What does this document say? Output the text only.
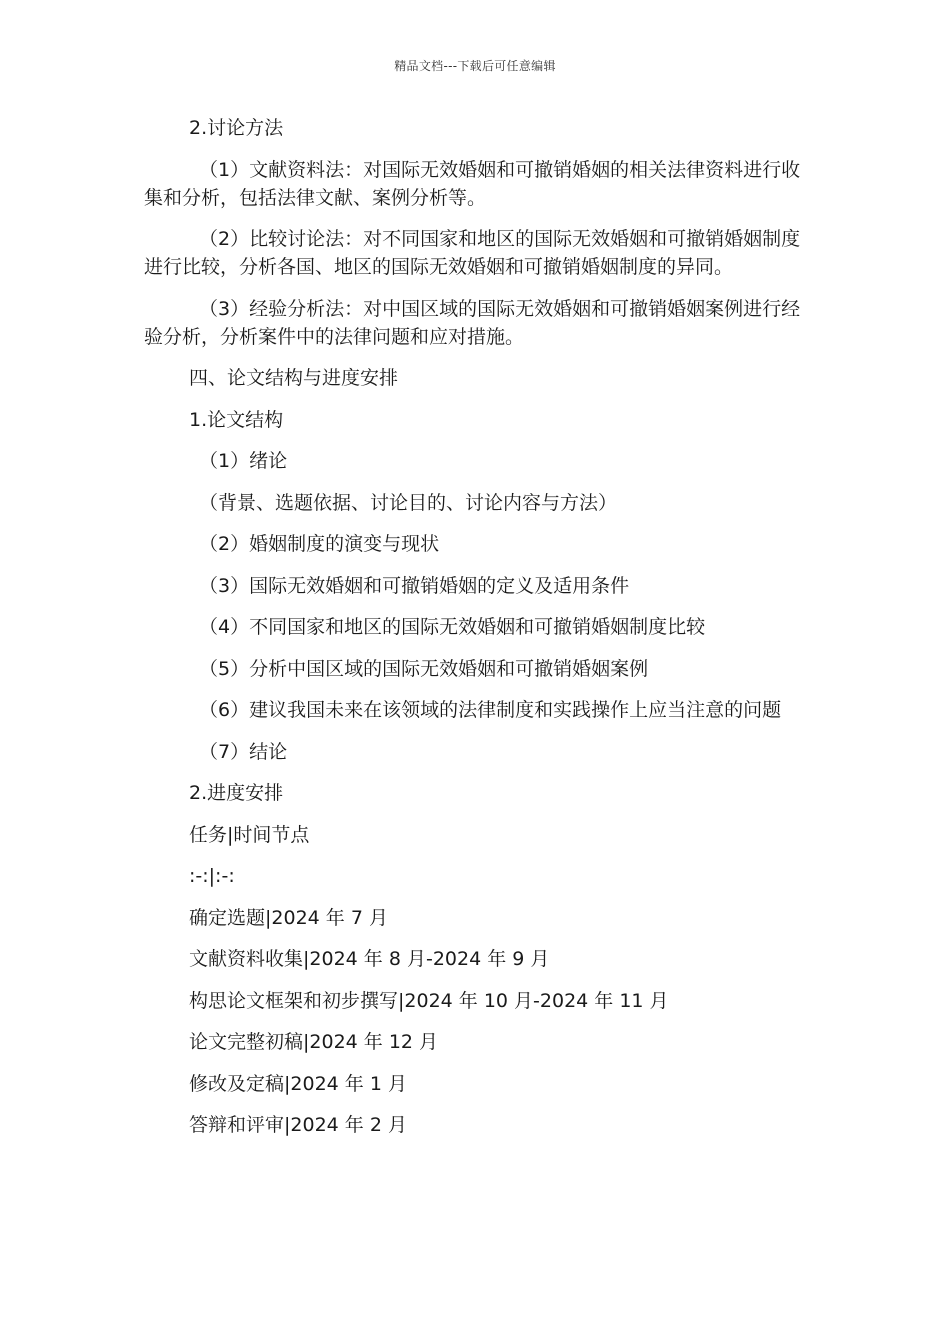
精品文档---下载后可任意编辑

2.讨论方法

（1）文献资料法：对国际无效婚姻和可撤销婚姻的相关法律资料进行收集和分析，包括法律文献、案例分析等。

（2）比较讨论法：对不同国家和地区的国际无效婚姻和可撤销婚姻制度进行比较，分析各国、地区的国际无效婚姻和可撤销婚姻制度的异同。

（3）经验分析法：对中国区域的国际无效婚姻和可撤销婚姻案例进行经验分析，分析案件中的法律问题和应对措施。

四、论文结构与进度安排

1.论文结构

（1）绪论

（背景、选题依据、讨论目的、讨论内容与方法）

（2）婚姻制度的演变与现状

（3）国际无效婚姻和可撤销婚姻的定义及适用条件

（4）不同国家和地区的国际无效婚姻和可撤销婚姻制度比较

（5）分析中国区域的国际无效婚姻和可撤销婚姻案例

（6）建议我国未来在该领域的法律制度和实践操作上应当注意的问题

（7）结论

2.进度安排

任务|时间节点

:-:|:-:

确定选题|2024 年 7 月

文献资料收集|2024 年 8 月-2024 年 9 月

构思论文框架和初步撰写|2024 年 10 月-2024 年 11 月

论文完整初稿|2024 年 12 月

修改及定稿|2024 年 1 月

答辩和评审|2024 年 2 月
